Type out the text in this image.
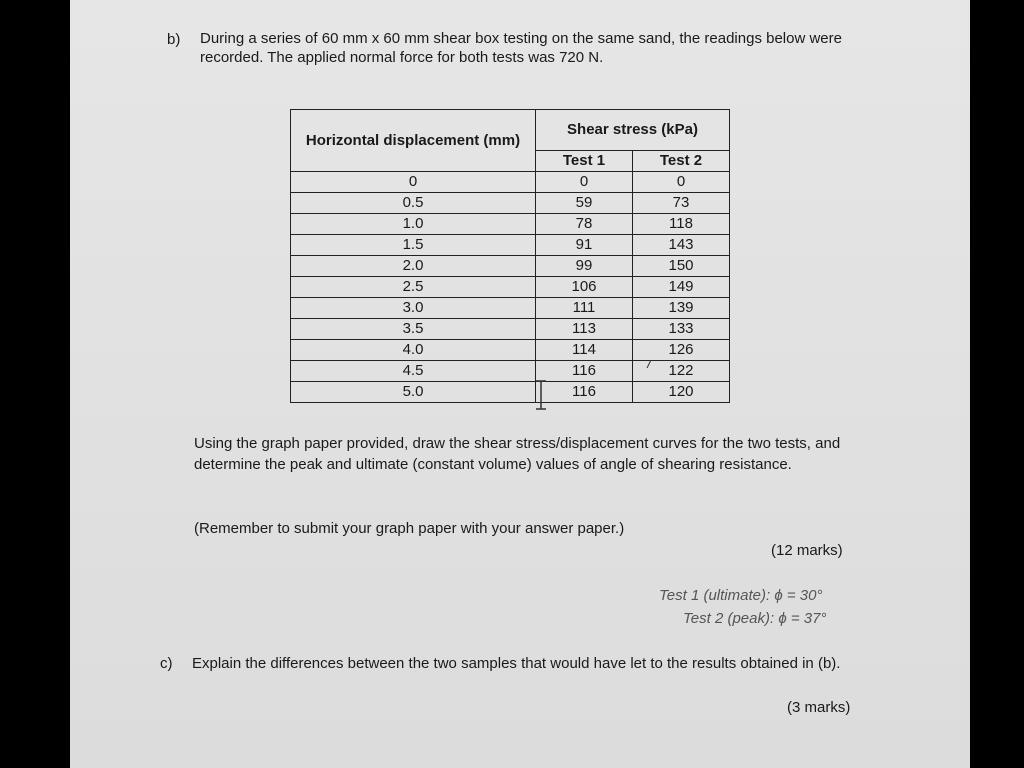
b) During a series of 60 mm x 60 mm shear box testing on the same sand, the readings below were recorded. The applied normal force for both tests was 720 N.
Horizontal displacement (mm)	Shear stress (kPa)	
	Test 1	Test 2
0	0	0
0.5	59	73
1.0	78	118
1.5	91	143
2.0	99	150
2.5	106	149
3.0	111	139
3.5	113	133
4.0	114	126
4.5	116	122
5.0	116	120
Using the graph paper provided, draw the shear stress/displacement curves for the two tests, and determine the peak and ultimate (constant volume) values of angle of shearing resistance.
(Remember to submit your graph paper with your answer paper.)
(12 marks)
Test 1 (ultimate): ϕ = 30°
Test 2 (peak): ϕ = 37°
c) Explain the differences between the two samples that would have let to the results obtained in (b).
(3 marks)
